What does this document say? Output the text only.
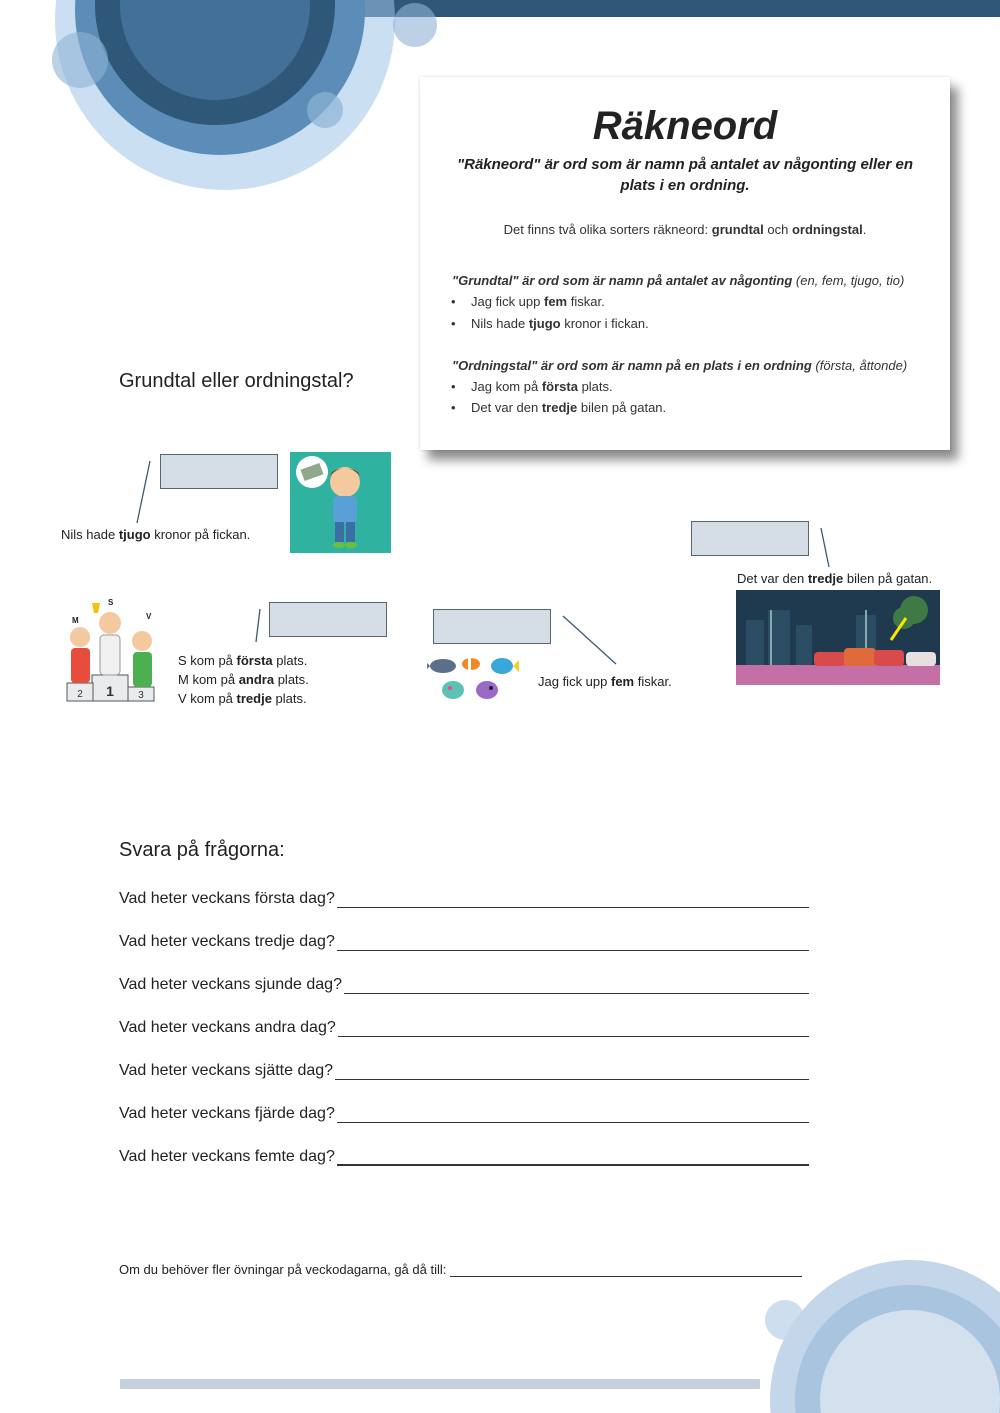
Räkneord
"Räkneord" är ord som är namn på antalet av någonting eller en plats i en ordning.
Det finns två olika sorters räkneord: grundtal och ordningstal.
"Grundtal" är ord som är namn på antalet av någonting (en, fem, tjugo, tio)
• Jag fick upp fem fiskar.
• Nils hade tjugo kronor i fickan.
"Ordningstal" är ord som är namn på en plats i en ordning (första, åttonde)
• Jag kom på första plats.
• Det var den tredje bilen på gatan.
Grundtal eller ordningstal?
Nils hade tjugo kronor på fickan.
Det var den tredje bilen på gatan.
1
2	3
M
S
V
S kom på första plats.
M kom på andra plats.
V kom på tredje plats.
Jag fick upp fem fiskar.
Svara på frågorna:
Vad heter veckans första dag?
Vad heter veckans tredje dag?
Vad heter veckans sjunde dag?
Vad heter veckans andra dag?
Vad heter veckans sjätte dag?
Vad heter veckans fjärde dag?
Vad heter veckans femte dag?
Om du behöver fler övningar på veckodagarna, gå då till:
